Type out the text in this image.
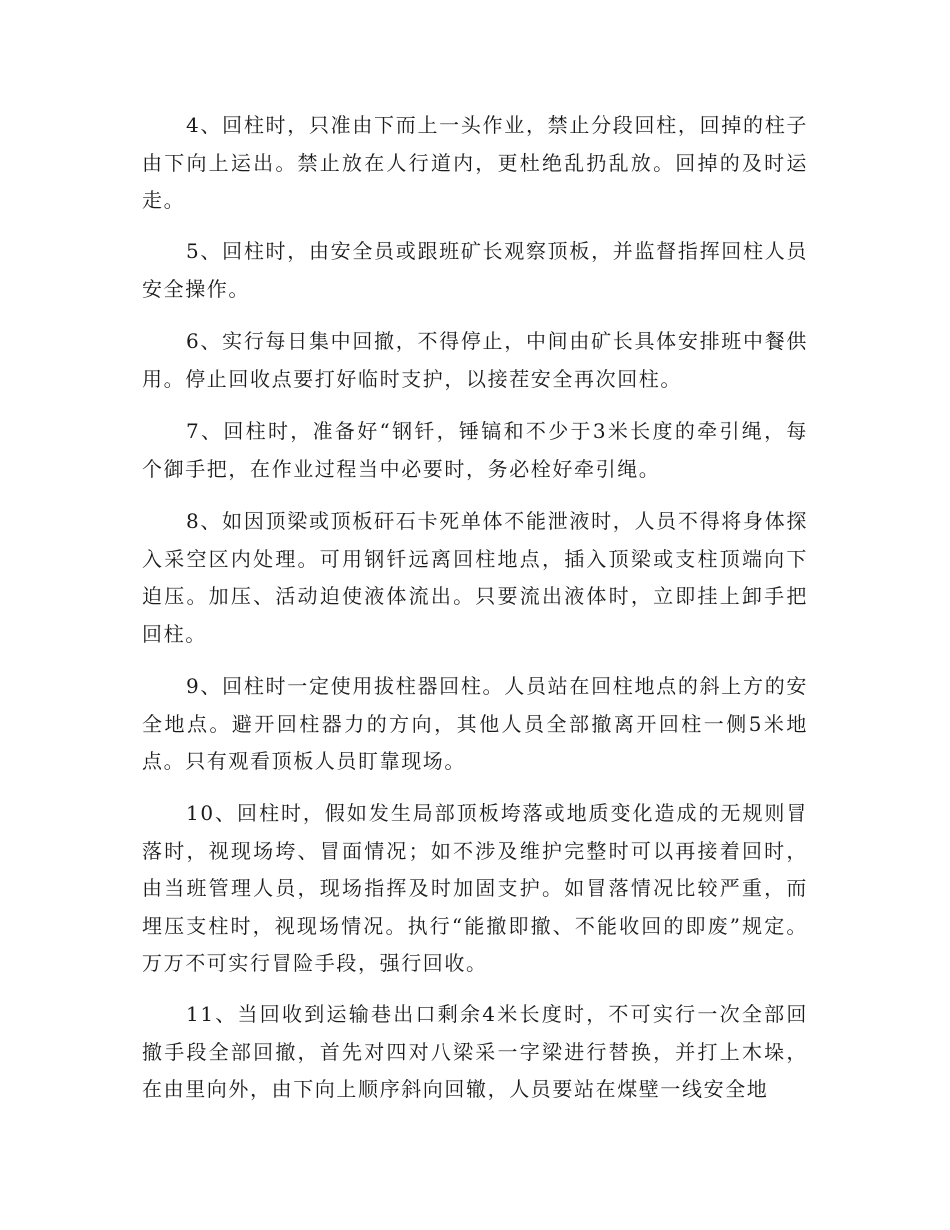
4、回柱时，只准由下而上一头作业，禁止分段回柱，回掉的柱子由下向上运出。禁止放在人行道内，更杜绝乱扔乱放。回掉的及时运走。

5、回柱时，由安全员或跟班矿长观察顶板，并监督指挥回柱人员安全操作。

6、实行每日集中回撤，不得停止，中间由矿长具体安排班中餐供用。停止回收点要打好临时支护，以接茬安全再次回柱。

7、回柱时，准备好“钢钎，锤镐和不少于3米长度的牵引绳，每个御手把，在作业过程当中必要时，务必栓好牵引绳。

8、如因顶梁或顶板矸石卡死单体不能泄液时，人员不得将身体探入采空区内处理。可用钢钎远离回柱地点，插入顶梁或支柱顶端向下迫压。加压、活动迫使液体流出。只要流出液体时，立即挂上卸手把回柱。

9、回柱时一定使用拔柱器回柱。人员站在回柱地点的斜上方的安全地点。避开回柱器力的方向，其他人员全部撤离开回柱一侧5米地点。只有观看顶板人员盯靠现场。

10、回柱时，假如发生局部顶板垮落或地质变化造成的无规则冒落时，视现场垮、冒面情况；如不涉及维护完整时可以再接着回时，由当班管理人员，现场指挥及时加固支护。如冒落情况比较严重，而埋压支柱时，视现场情况。执行“能撤即撤、不能收回的即废”规定。万万不可实行冒险手段，强行回收。

11、当回收到运输巷出口剩余4米长度时，不可实行一次全部回撤手段全部回撤，首先对四对八梁采一字梁进行替换，并打上木垛，在由里向外，由下向上顺序斜向回辙，人员要站在煤壁一线安全地
